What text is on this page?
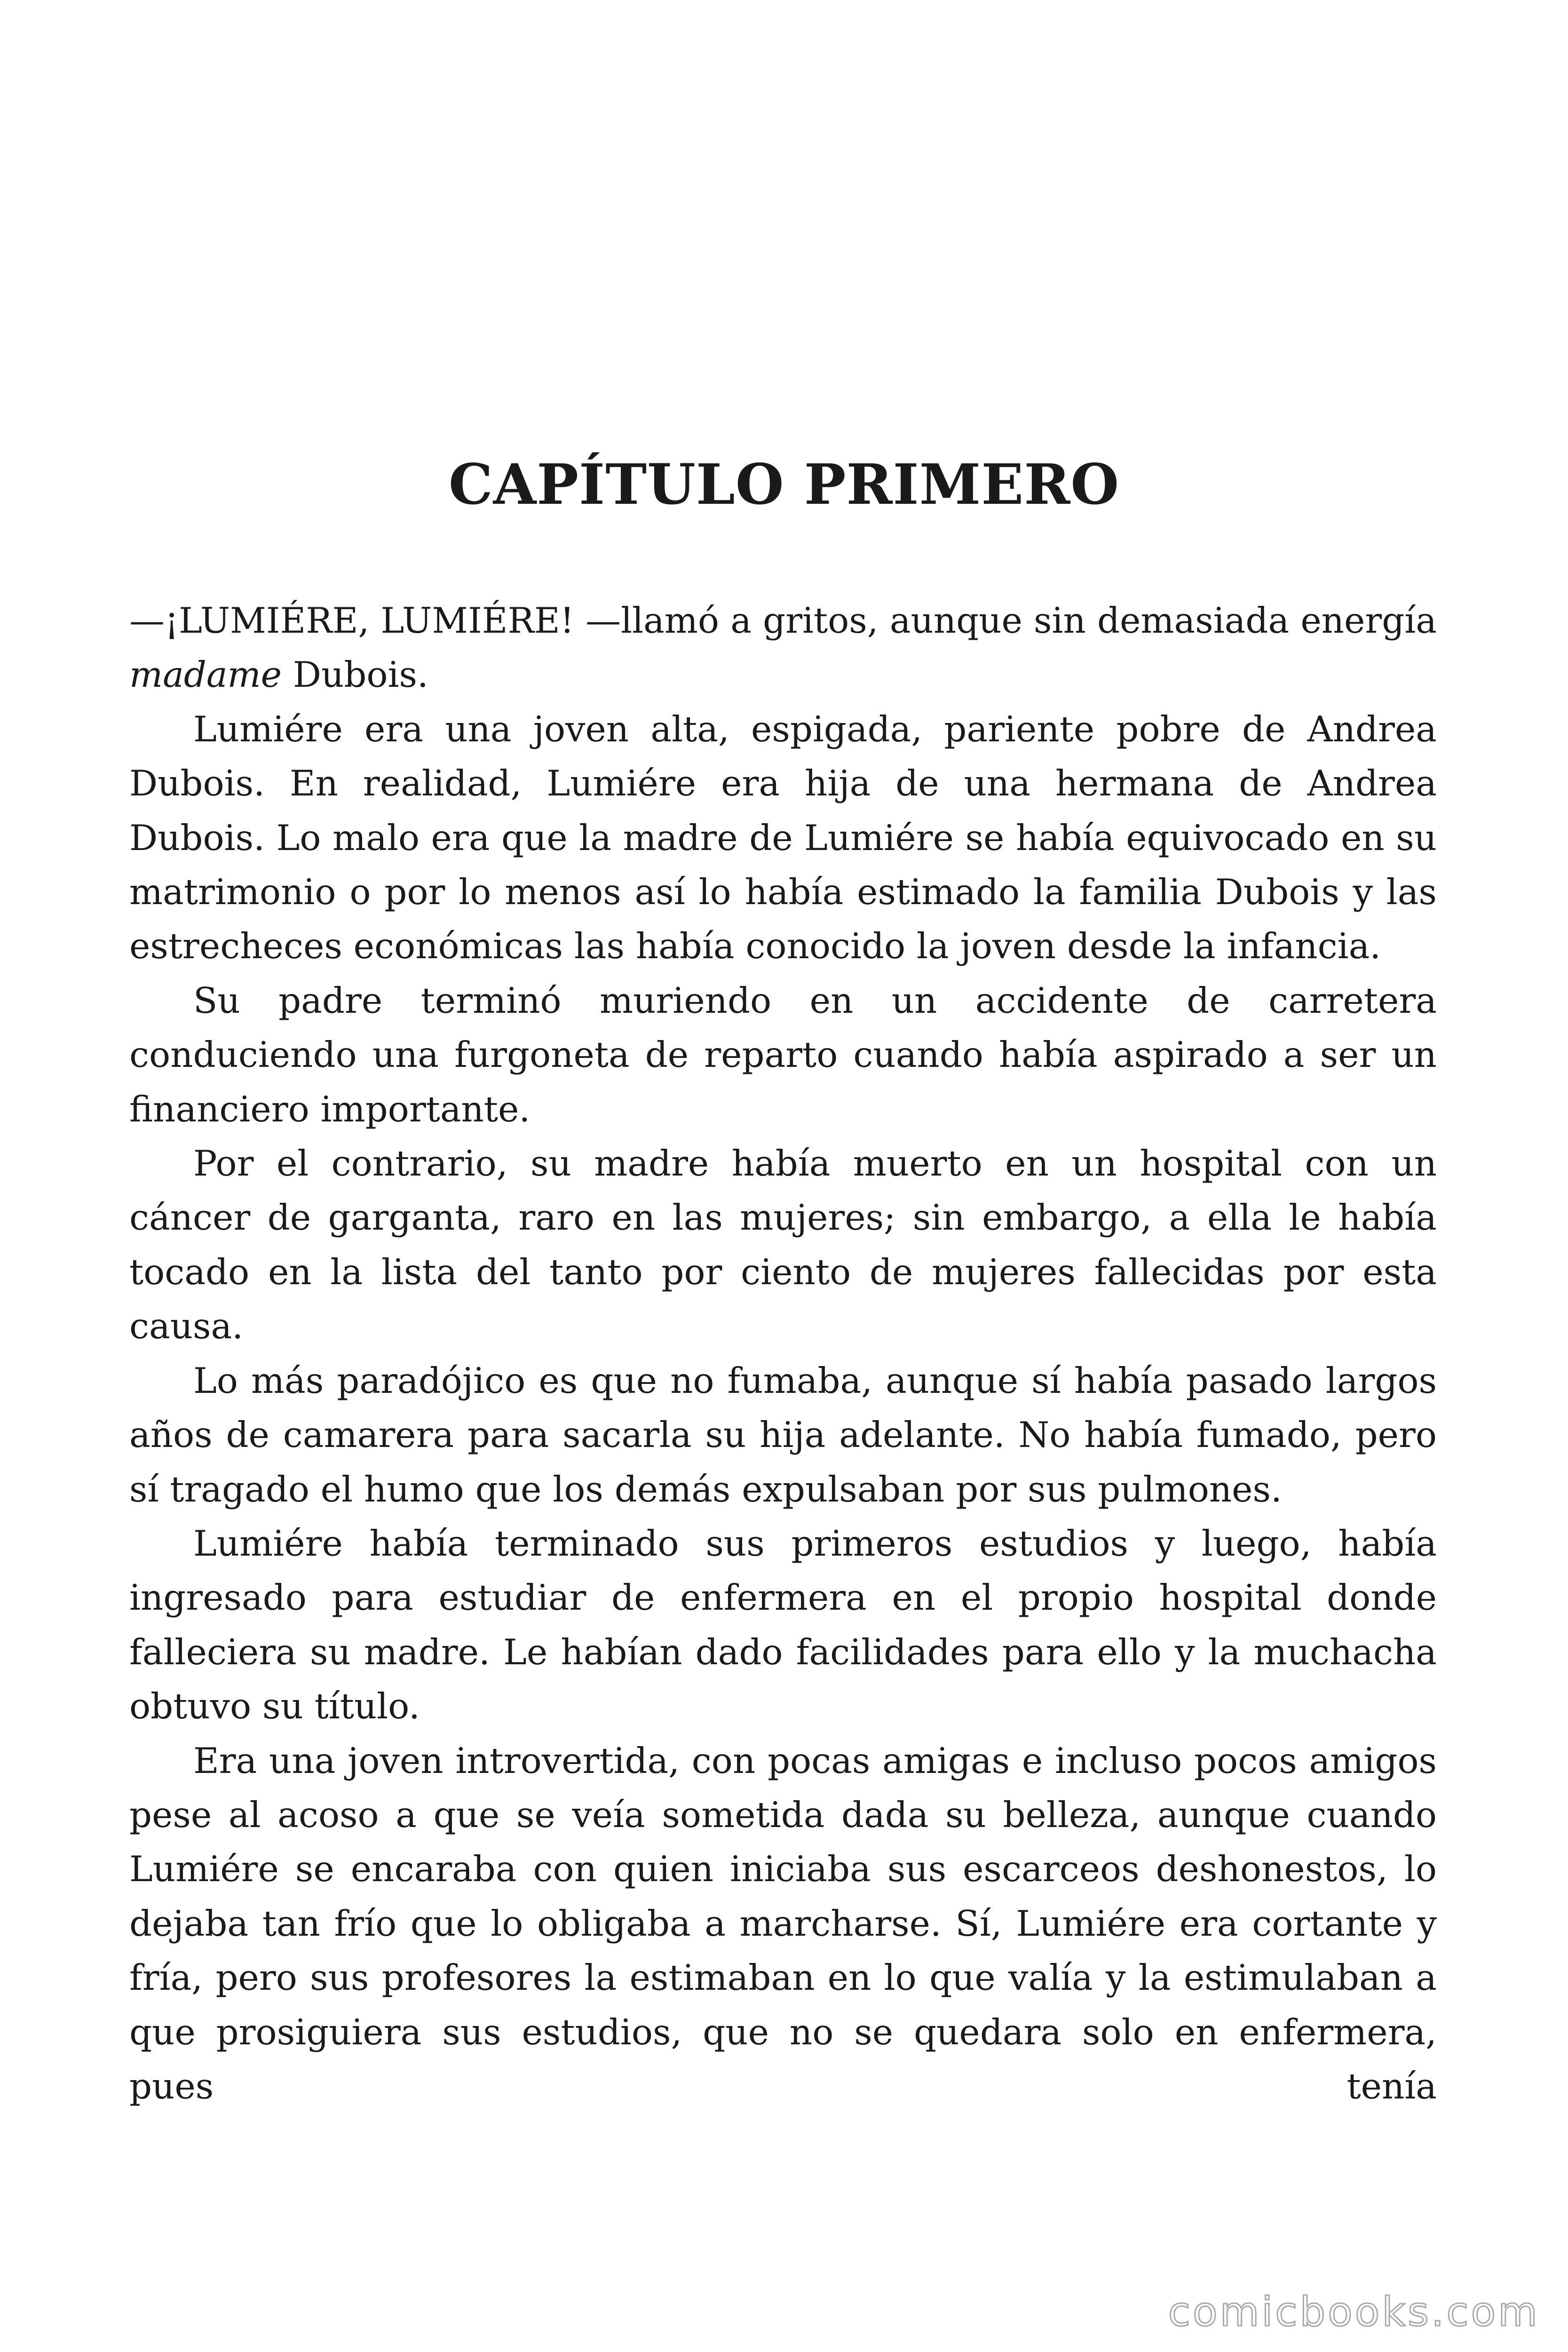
CAPÍTULO PRIMERO

—¡LUMIÉRE, LUMIÉRE! —llamó a gritos, aunque sin demasiada energía madame Dubois.

Lumiére era una joven alta, espigada, pariente pobre de Andrea Dubois. En realidad, Lumiére era hija de una hermana de Andrea Dubois. Lo malo era que la madre de Lumiére se había equivocado en su matrimonio o por lo menos así lo había estimado la familia Dubois y las estrecheces económicas las había conocido la joven desde la infancia.

Su padre terminó muriendo en un accidente de carretera conduciendo una furgoneta de reparto cuando había aspirado a ser un financiero importante.

Por el contrario, su madre había muerto en un hospital con un cáncer de garganta, raro en las mujeres; sin embargo, a ella le había tocado en la lista del tanto por ciento de mujeres fallecidas por esta causa.

Lo más paradójico es que no fumaba, aunque sí había pasado largos años de camarera para sacarla su hija adelante. No había fumado, pero sí tragado el humo que los demás expulsaban por sus pulmones.

Lumiére había terminado sus primeros estudios y luego, había ingresado para estudiar de enfermera en el propio hospital donde falleciera su madre. Le habían dado facilidades para ello y la muchacha obtuvo su título.

Era una joven introvertida, con pocas amigas e incluso pocos amigos pese al acoso a que se veía sometida dada su belleza, aunque cuando Lumiére se encaraba con quien iniciaba sus escarceos deshonestos, lo dejaba tan frío que lo obligaba a marcharse. Sí, Lumiére era cortante y fría, pero sus profesores la estimaban en lo que valía y la estimulaban a que prosiguiera sus estudios, que no se quedara solo en enfermera, pues tenía

comicbooks.com
